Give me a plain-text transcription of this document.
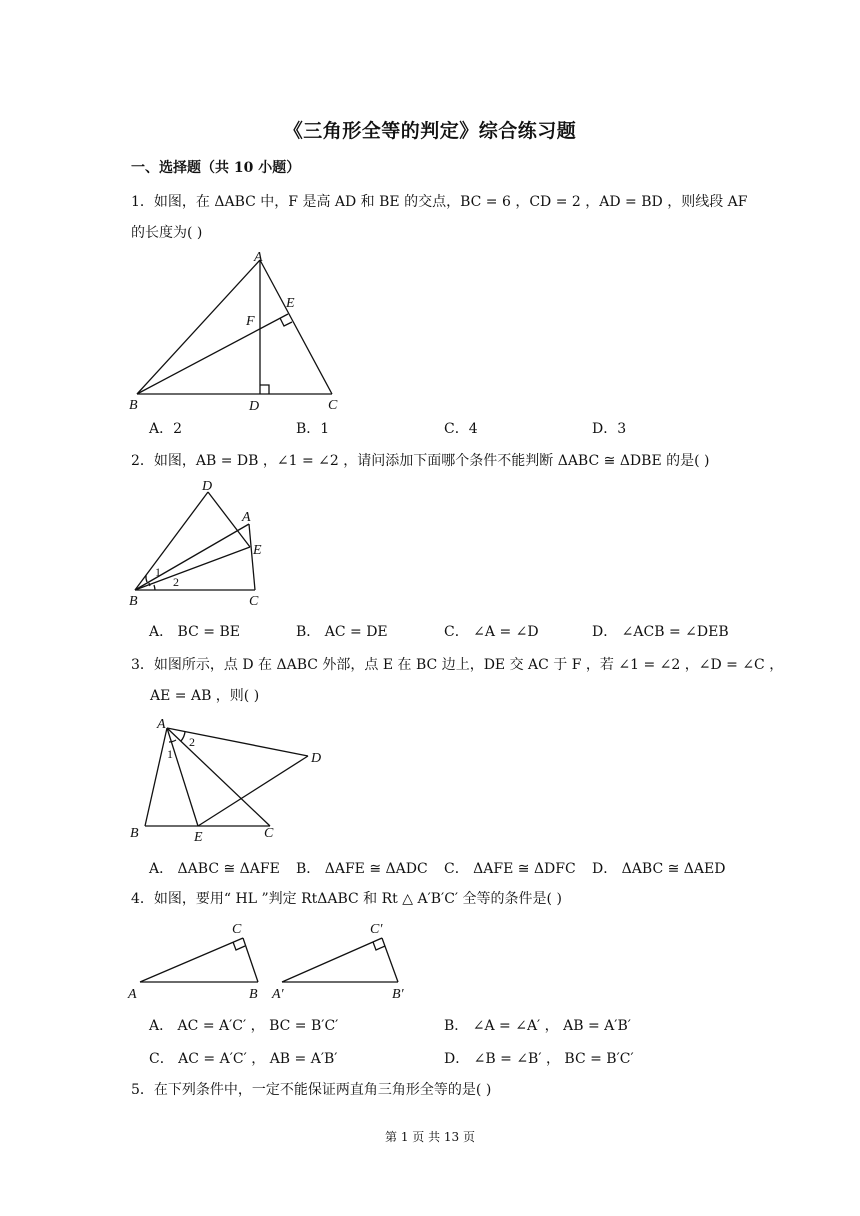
《三角形全等的判定》综合练习题
一、选择题（共 10 小题）
1．如图，在 ΔABC 中，F 是高 AD 和 BE 的交点，BC = 6 ，CD = 2 ，AD = BD ，则线段 AF
的长度为( )
A
B	C
D
E
F
A．2	B．1	C．4	D．3
2．如图，AB = DB ，∠1 = ∠2 ，请问添加下面哪个条件不能判断 ΔABC ≅ ΔDBE 的是( )
D
A
E
1
2
B	C
A． BC = BE	B． AC = DE	C． ∠A = ∠D	D． ∠ACB = ∠DEB
3．如图所示，点 D 在 ΔABC 外部，点 E 在 BC 边上，DE 交 AC 于 F ，若 ∠1 = ∠2 ，∠D = ∠C ，
AE = AB ，则( )
A
2
1	D
B	E	C
A． ΔABC ≅ ΔAFE B． ΔAFE ≅ ΔADC C． ΔAFE ≅ ΔDFC D． ΔABC ≅ ΔAED
4．如图，要用“ HL ”判定 RtΔABC 和 Rt △ A′B′C′ 全等的条件是( )
C
A	B
C′
A′	B′
A． AC = A′C′ ， BC = B′C′	B． ∠A = ∠A′ ， AB = A′B′
C． AC = A′C′ ， AB = A′B′	D． ∠B = ∠B′ ， BC = B′C′
5．在下列条件中，一定不能保证两直角三角形全等的是( )
第 1 页 共 13 页
